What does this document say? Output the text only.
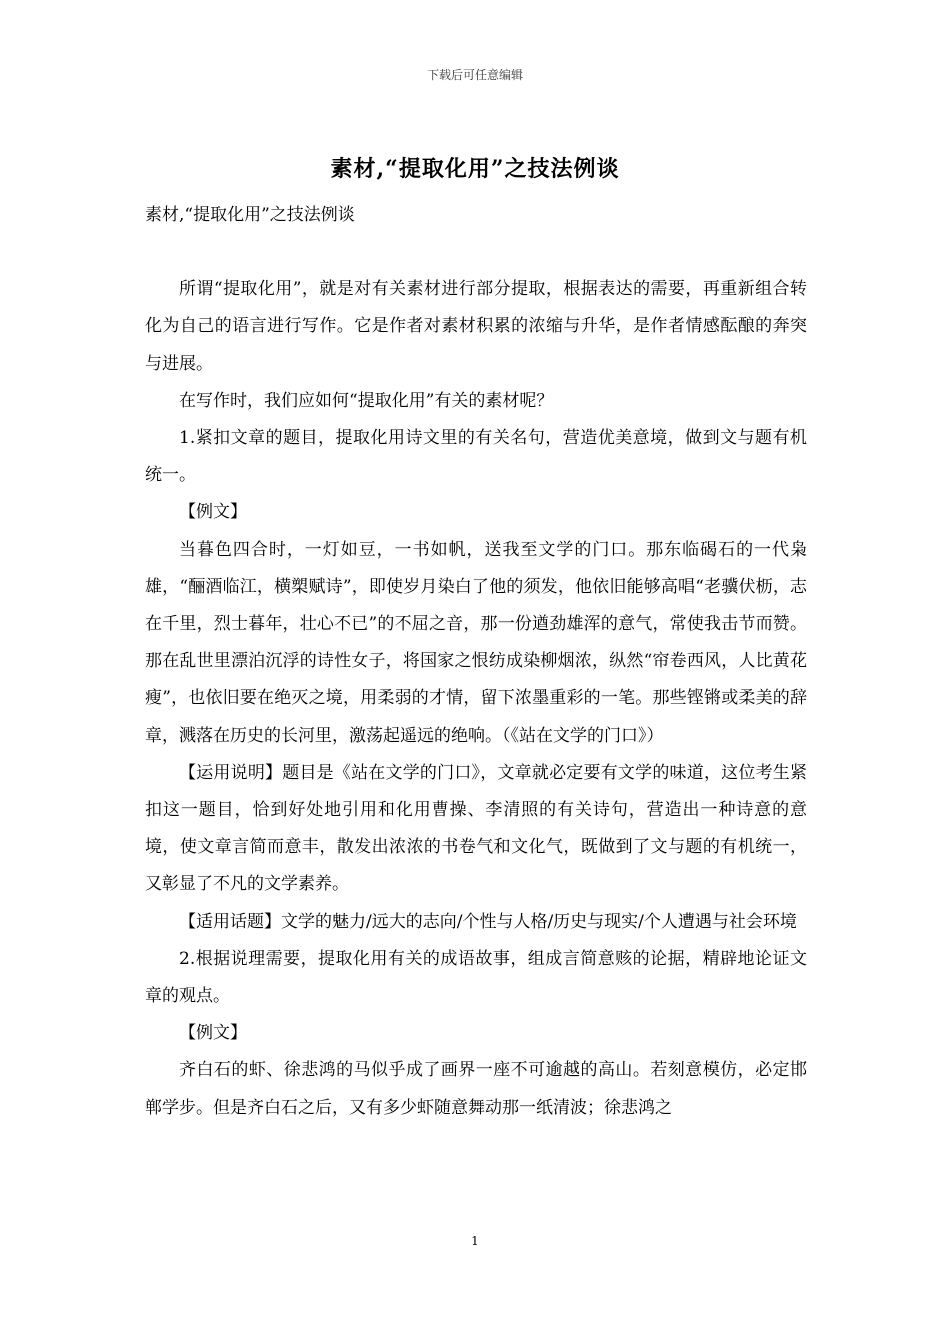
下载后可任意编辑
素材,“提取化用”之技法例谈
素材,“提取化用”之技法例谈

所谓“提取化用”，就是对有关素材进行部分提取，根据表达的需要，再重新组合转化为自己的语言进行写作。它是作者对素材积累的浓缩与升华，是作者情感酝酿的奔突与进展。

在写作时，我们应如何“提取化用”有关的素材呢？

1.紧扣文章的题目，提取化用诗文里的有关名句，营造优美意境，做到文与题有机统一。

【例文】

当暮色四合时，一灯如豆，一书如帆，送我至文学的门口。那东临碣石的一代枭雄，“酾酒临江，横槊赋诗”，即使岁月染白了他的须发，他依旧能够高唱“老骥伏枥，志在千里，烈士暮年，壮心不已”的不屈之音，那一份遒劲雄浑的意气，常使我击节而赞。那在乱世里漂泊沉浮的诗性女子，将国家之恨纺成染柳烟浓，纵然“帘卷西风，人比黄花瘦”，也依旧要在绝灭之境，用柔弱的才情，留下浓墨重彩的一笔。那些铿锵或柔美的辞章，溅落在历史的长河里，激荡起遥远的绝响。（《站在文学的门口》）

【运用说明】题目是《站在文学的门口》，文章就必定要有文学的味道，这位考生紧扣这一题目，恰到好处地引用和化用曹操、李清照的有关诗句，营造出一种诗意的意境，使文章言简而意丰，散发出浓浓的书卷气和文化气，既做到了文与题的有机统一，又彰显了不凡的文学素养。

【适用话题】文学的魅力/远大的志向/个性与人格/历史与现实/个人遭遇与社会环境

2.根据说理需要，提取化用有关的成语故事，组成言简意赅的论据，精辟地论证文章的观点。

【例文】

齐白石的虾、徐悲鸿的马似乎成了画界一座不可逾越的高山。若刻意模仿，必定邯郸学步。但是齐白石之后，又有多少虾随意舞动那一纸清波；徐悲鸿之

1
